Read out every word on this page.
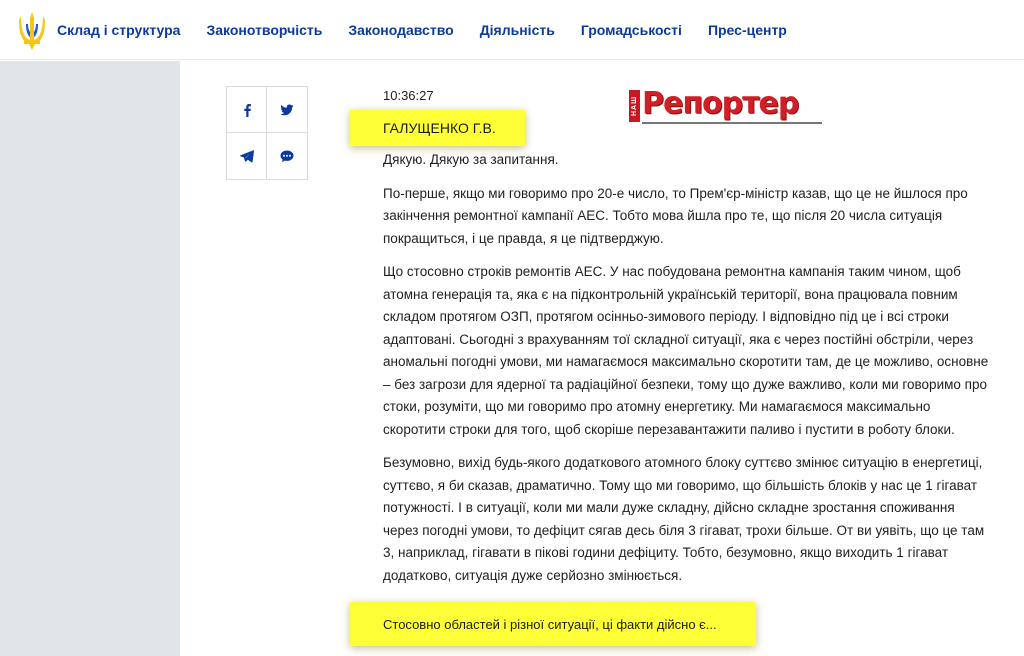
Склад і структура Законотворчість Законодавство Діяльність Громадськості Прес-центр
10:36:27
НАШ Репортер
ГАЛУЩЕНКО Г.В.

Дякую. Дякую за запитання.

По-перше, якщо ми говоримо про 20-е число, то Прем'єр-міністр казав, що це не йшлося про закінчення ремонтної кампанії АЕС. Тобто мова йшла про те, що після 20 числа ситуація покращиться, і це правда, я це підтверджую.

Що стосовно строків ремонтів АЕС. У нас побудована ремонтна кампанія таким чином, щоб атомна генерація та, яка є на підконтрольній українській території, вона працювала повним складом протягом ОЗП, протягом осінньо-зимового періоду. І відповідно під це і всі строки адаптовані. Сьогодні з врахуванням тої складної ситуації, яка є через постійні обстріли, через аномальні погодні умови, ми намагаємося максимально скоротити там, де це можливо, основне – без загрози для ядерної та радіаційної безпеки, тому що дуже важливо, коли ми говоримо про стоки, розуміти, що ми говоримо про атомну енергетику. Ми намагаємося максимально скоротити строки для того, щоб скоріше перезавантажити паливо і пустити в роботу блоки.

Безумовно, вихід будь-якого додаткового атомного блоку суттєво змінює ситуацію в енергетиці, суттєво, я би сказав, драматично. Тому що ми говоримо, що більшість блоків у нас це 1 гігават потужності. І в ситуації, коли ми мали дуже складну, дійсно складне зростання споживання через погодні умови, то дефіцит сягав десь біля 3 гігават, трохи більше. От ви уявіть, що це там 3, наприклад, гігавати в пікові години дефіциту. Тобто, безумовно, якщо виходить 1 гігават додатково, ситуація дуже серйозно змінюється.

Стосовно областей і різної ситуації, ці факти дійсно є...
